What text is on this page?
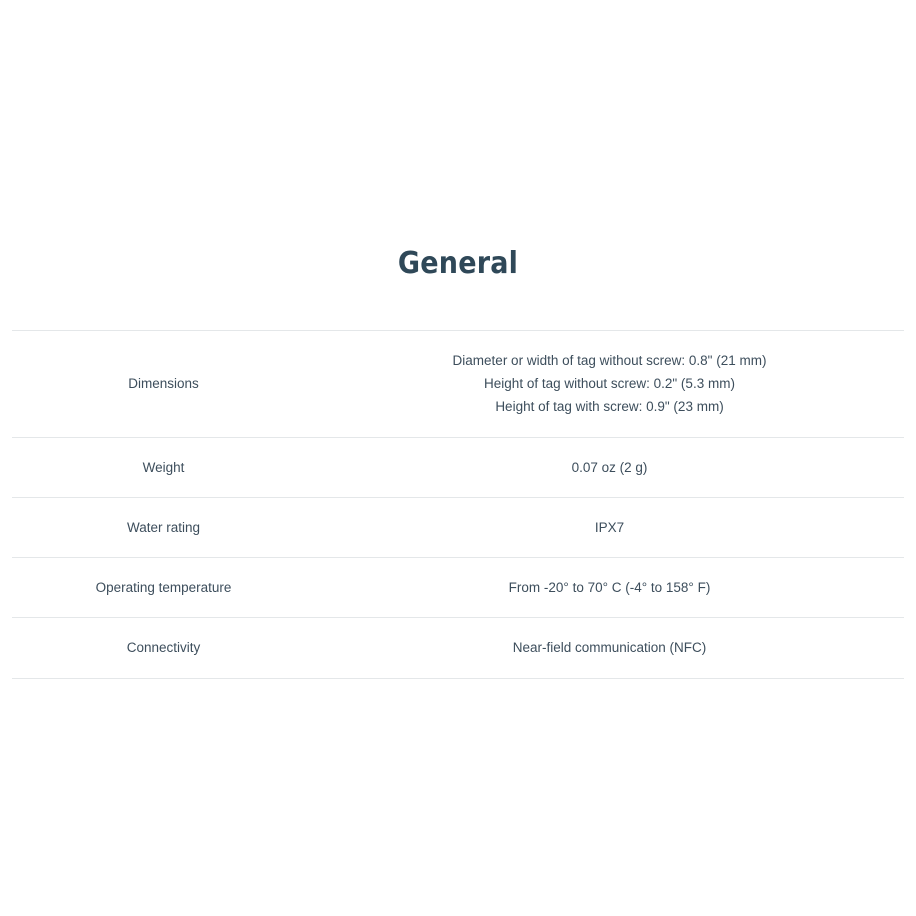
General
Dimensions	Diameter or width of tag without screw: 0.8" (21 mm)
Height of tag without screw: 0.2" (5.3 mm)
Height of tag with screw: 0.9" (23 mm)

Weight	0.07 oz (2 g)

Water rating	IPX7

Operating temperature	From -20° to 70° C (-4° to 158° F)

Connectivity	Near-field communication (NFC)
